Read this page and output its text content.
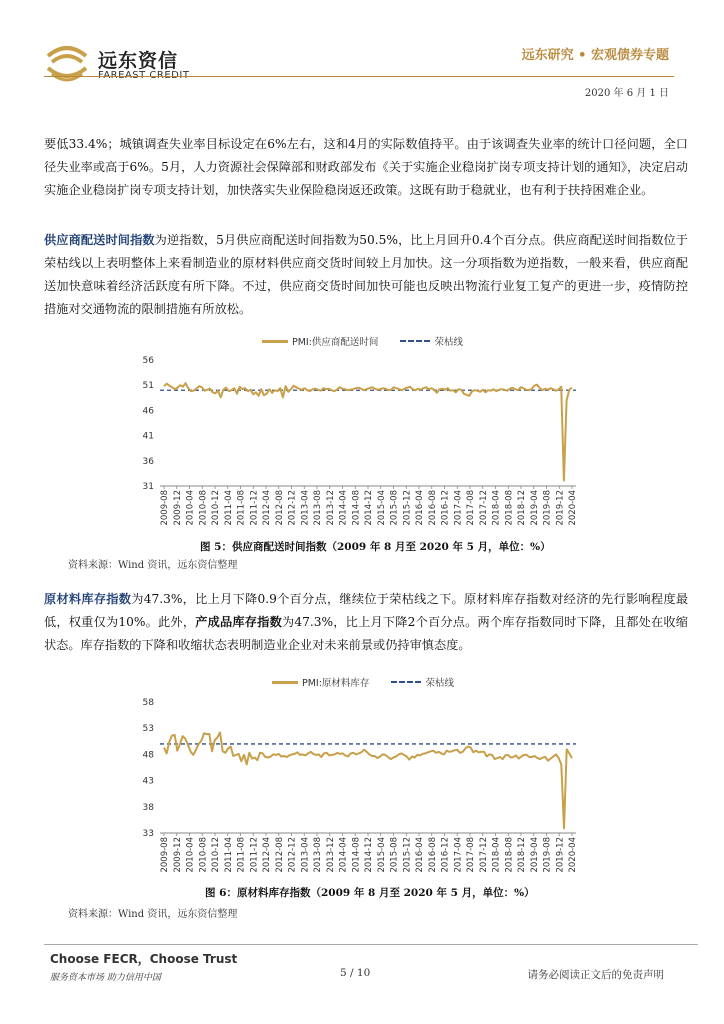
远东资信	远东研究 • 宏观债券专题
2020 年 6 月 1 日
要低33.4%；城镇调查失业率目标设定在6%左右，这和4月的实际数值持平。由于该调查失业率的统计口径问题，全口径失业率或高于6%。5月，人力资源社会保障部和财政部发布《关于实施企业稳岗扩岗专项支持计划的通知》，决定启动实施企业稳岗扩岗专项支持计划，加快落实失业保险稳岗返还政策。这既有助于稳就业，也有利于扶持困难企业。
供应商配送时间指数为逆指数，5月供应商配送时间指数为50.5%，比上月回升0.4个百分点。供应商配送时间指数位于荣枯线以上表明整体上来看制造业的原材料供应商交货时间较上月加快。这一分项指数为逆指数，一般来看，供应商配送加快意味着经济活跃度有所下降。不过，供应商交货时间加快可能也反映出物流行业复工复产的更进一步，疫情防控措施对交通物流的限制措施有所放松。
PMI:供应商配送时间	荣枯线
31
36
41
46
51
56
2009-08 2009-12 2010-04 2010-08 2010-12 2011-04 2011-08 2011-12 2012-04 2012-08 2012-12 2013-04 2013-08 2013-12 2014-04 2014-08 2014-12 2015-04 2015-08 2015-12 2016-04 2016-08 2016-12 2017-04 2017-08 2017-12 2018-04 2018-08 2018-12 2019-04 2019-08 2019-12 2020-04
图 5：供应商配送时间指数（2009 年 8 月至 2020 年 5 月，单位：%）
资料来源：Wind 资讯，远东资信整理
原材料库存指数为47.3%，比上月下降0.9个百分点，继续位于荣枯线之下。原材料库存指数对经济的先行影响程度最低，权重仅为10%。此外，产成品库存指数为47.3%，比上月下降2个百分点。两个库存指数同时下降，且都处在收缩状态。库存指数的下降和收缩状态表明制造业企业对未来前景或仍持审慎态度。
PMI:原材料库存	荣枯线
33
38
43
48
53
58
2009-08 2009-12 2010-04 2010-08 2010-12 2011-04 2011-08 2011-12 2012-04 2012-08 2012-12 2013-04 2013-08 2013-12 2014-04 2014-08 2014-12 2015-04 2015-08 2015-12 2016-04 2016-08 2016-12 2017-04 2017-08 2017-12 2018-04 2018-08 2018-12 2019-04 2019-08 2019-12 2020-04
图 6：原材料库存指数（2009 年 8 月至 2020 年 5 月，单位：%）
资料来源：Wind 资讯，远东资信整理
Choose FECR，Choose Trust
服务资本市场 助力信用中国	5 / 10	请务必阅读正文后的免责声明
